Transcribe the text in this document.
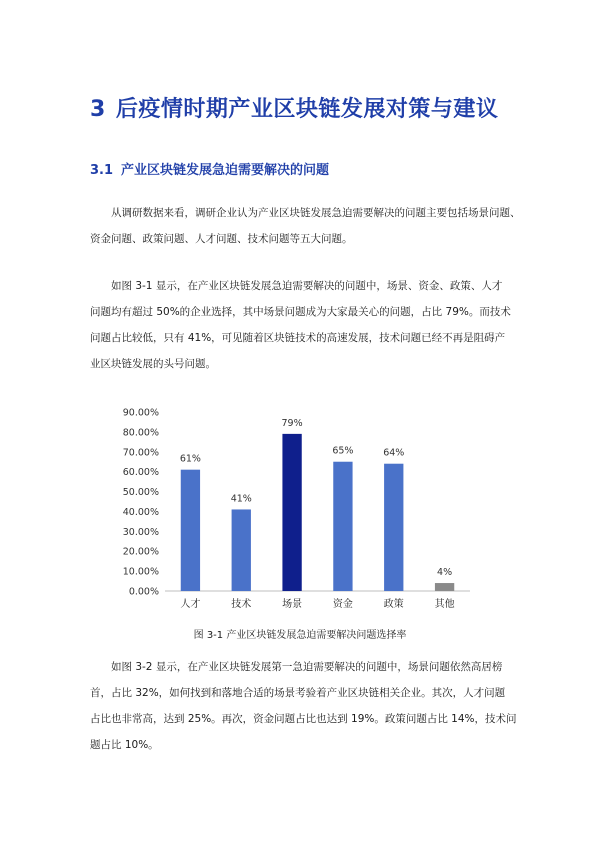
3 后疫情时期产业区块链发展对策与建议
3.1 产业区块链发展急迫需要解决的问题
从调研数据来看，调研企业认为产业区块链发展急迫需要解决的问题主要包括场景问题、
资金问题、政策问题、人才问题、技术问题等五大问题。
如图 3-1 显示，在产业区块链发展急迫需要解决的问题中，场景、资金、政策、人才
问题均有超过 50%的企业选择，其中场景问题成为大家最关心的问题，占比 79%。而技术
问题占比较低，只有 41%，可见随着区块链技术的高速发展，技术问题已经不再是阻碍产
业区块链发展的头号问题。
0.00%
10.00%
20.00%
30.00%
40.00%
50.00%
60.00%
70.00%
80.00%
90.00%
61%
人才
41%
技术
79%
场景
65%
资金
64%
政策
4%
其他
图 3-1 产业区块链发展急迫需要解决问题选择率
如图 3-2 显示，在产业区块链发展第一急迫需要解决的问题中，场景问题依然高居榜
首，占比 32%，如何找到和落地合适的场景考验着产业区块链相关企业。其次，人才问题
占比也非常高，达到 25%。再次，资金问题占比也达到 19%。政策问题占比 14%，技术问
题占比 10%。
